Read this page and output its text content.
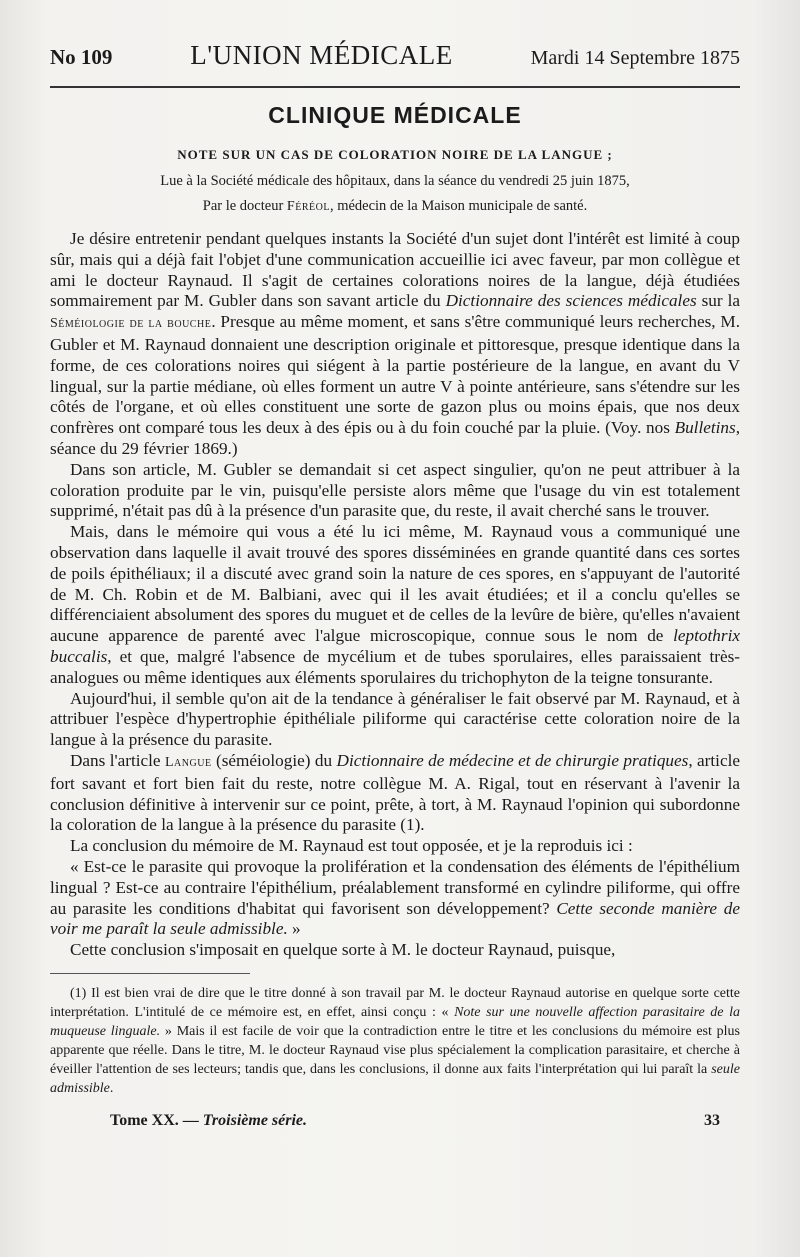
No 109	L'UNION MÉDICALE	Mardi 14 Septembre 1875
CLINIQUE MÉDICALE
NOTE SUR UN CAS DE COLORATION NOIRE DE LA LANGUE ;
Lue à la Société médicale des hôpitaux, dans la séance du vendredi 25 juin 1875,
Par le docteur Féréol, médecin de la Maison municipale de santé.

Je désire entretenir pendant quelques instants la Société d'un sujet dont l'intérêt est limité à coup sûr, mais qui a déjà fait l'objet d'une communication accueillie ici avec faveur, par mon collègue et ami le docteur Raynaud. Il s'agit de certaines colorations noires de la langue, déjà étudiées sommairement par M. Gubler dans son savant article du Dictionnaire des sciences médicales sur la Séméiologie de la bouche. Presque au même moment, et sans s'être communiqué leurs recherches, M. Gubler et M. Raynaud donnaient une description originale et pittoresque, presque identique dans la forme, de ces colorations noires qui siégent à la partie postérieure de la langue, en avant du V lingual, sur la partie médiane, où elles forment un autre V à pointe antérieure, sans s'étendre sur les côtés de l'organe, et où elles constituent une sorte de gazon plus ou moins épais, que nos deux confrères ont comparé tous les deux à des épis ou à du foin couché par la pluie. (Voy. nos Bulletins, séance du 29 février 1869.)

Dans son article, M. Gubler se demandait si cet aspect singulier, qu'on ne peut attribuer à la coloration produite par le vin, puisqu'elle persiste alors même que l'usage du vin est totalement supprimé, n'était pas dû à la présence d'un parasite que, du reste, il avait cherché sans le trouver.

Mais, dans le mémoire qui vous a été lu ici même, M. Raynaud vous a communiqué une observation dans laquelle il avait trouvé des spores disséminées en grande quantité dans ces sortes de poils épithéliaux; il a discuté avec grand soin la nature de ces spores, en s'appuyant de l'autorité de M. Ch. Robin et de M. Balbiani, avec qui il les avait étudiées; et il a conclu qu'elles se différenciaient absolument des spores du muguet et de celles de la levûre de bière, qu'elles n'avaient aucune apparence de parenté avec l'algue microscopique, connue sous le nom de leptothrix buccalis, et que, malgré l'absence de mycélium et de tubes sporulaires, elles paraissaient très-analogues ou même identiques aux éléments sporulaires du trichophyton de la teigne tonsurante.

Aujourd'hui, il semble qu'on ait de la tendance à généraliser le fait observé par M. Raynaud, et à attribuer l'espèce d'hypertrophie épithéliale piliforme qui caractérise cette coloration noire de la langue à la présence du parasite.

Dans l'article Langue (séméiologie) du Dictionnaire de médecine et de chirurgie pratiques, article fort savant et fort bien fait du reste, notre collègue M. A. Rigal, tout en réservant à l'avenir la conclusion définitive à intervenir sur ce point, prête, à tort, à M. Raynaud l'opinion qui subordonne la coloration de la langue à la présence du parasite (1).

La conclusion du mémoire de M. Raynaud est tout opposée, et je la reproduis ici :

« Est-ce le parasite qui provoque la prolifération et la condensation des éléments de l'épithélium lingual ? Est-ce au contraire l'épithélium, préalablement transformé en cylindre piliforme, qui offre au parasite les conditions d'habitat qui favorisent son développement? Cette seconde manière de voir me paraît la seule admissible. »

Cette conclusion s'imposait en quelque sorte à M. le docteur Raynaud, puisque,

(1) Il est bien vrai de dire que le titre donné à son travail par M. le docteur Raynaud autorise en quelque sorte cette interprétation. L'intitulé de ce mémoire est, en effet, ainsi conçu : « Note sur une nouvelle affection parasitaire de la muqueuse linguale. » Mais il est facile de voir que la contradiction entre le titre et les conclusions du mémoire est plus apparente que réelle. Dans le titre, M. le docteur Raynaud vise plus spécialement la complication parasitaire, et cherche à éveiller l'attention de ses lecteurs; tandis que, dans les conclusions, il donne aux faits l'interprétation qui lui paraît la seule admissible.

Tome XX. — Troisième série.	33
